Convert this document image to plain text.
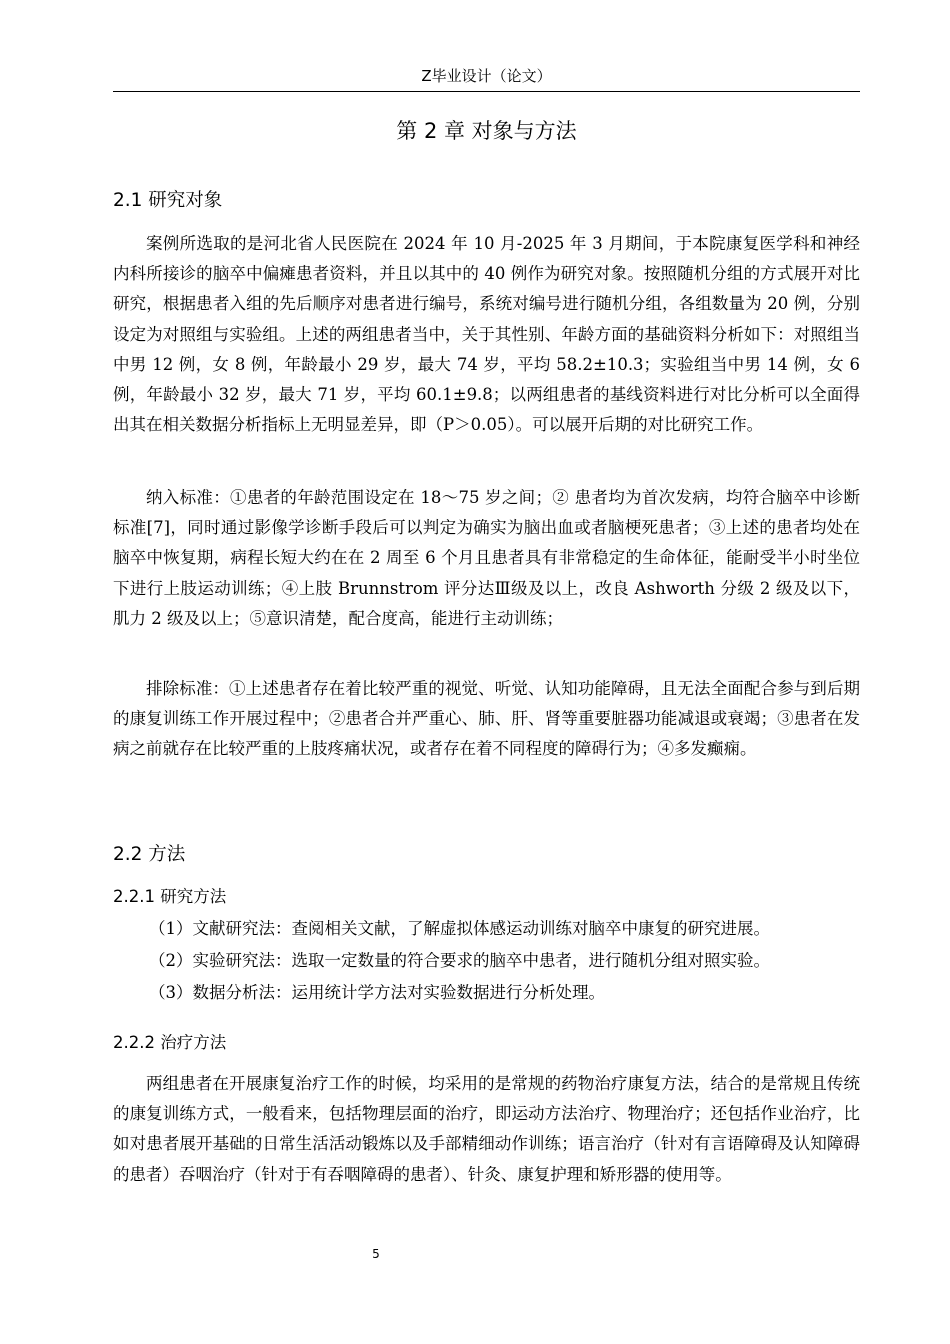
Z毕业设计（论文）
第 2 章 对象与方法
2.1 研究对象

案例所选取的是河北省人民医院在 2024 年 10 月-2025 年 3 月期间，于本院康复医学科和神经内科所接诊的脑卒中偏瘫患者资料，并且以其中的 40 例作为研究对象。按照随机分组的方式展开对比研究，根据患者入组的先后顺序对患者进行编号，系统对编号进行随机分组，各组数量为 20 例，分别设定为对照组与实验组。上述的两组患者当中，关于其性别、年龄方面的基础资料分析如下：对照组当中男 12 例，女 8 例，年龄最小 29 岁，最大 74 岁，平均 58.2±10.3；实验组当中男 14 例，女 6 例，年龄最小 32 岁，最大 71 岁，平均 60.1±9.8；以两组患者的基线资料进行对比分析可以全面得出其在相关数据分析指标上无明显差异，即（P＞0.05）。可以展开后期的对比研究工作。

纳入标准：①患者的年龄范围设定在 18～75 岁之间；② 患者均为首次发病，均符合脑卒中诊断标准[7]，同时通过影像学诊断手段后可以判定为确实为脑出血或者脑梗死患者；③上述的患者均处在脑卒中恢复期，病程长短大约在在 2 周至 6 个月且患者具有非常稳定的生命体征，能耐受半小时坐位下进行上肢运动训练；④上肢 Brunnstrom 评分达Ⅲ级及以上，改良 Ashworth 分级 2 级及以下，肌力 2 级及以上；⑤意识清楚，配合度高，能进行主动训练；

排除标准：①上述患者存在着比较严重的视觉、听觉、认知功能障碍，且无法全面配合参与到后期的康复训练工作开展过程中；②患者合并严重心、肺、肝、肾等重要脏器功能减退或衰竭；③患者在发病之前就存在比较严重的上肢疼痛状况，或者存在着不同程度的障碍行为；④多发癫痫。

2.2 方法
2.2.1 研究方法

（1）文献研究法：查阅相关文献，了解虚拟体感运动训练对脑卒中康复的研究进展。

（2）实验研究法：选取一定数量的符合要求的脑卒中患者，进行随机分组对照实验。

（3）数据分析法：运用统计学方法对实验数据进行分析处理。

2.2.2 治疗方法

两组患者在开展康复治疗工作的时候，均采用的是常规的药物治疗康复方法，结合的是常规且传统的康复训练方式，一般看来，包括物理层面的治疗，即运动方法治疗、物理治疗；还包括作业治疗，比如对患者展开基础的日常生活活动锻炼以及手部精细动作训练；语言治疗（针对有言语障碍及认知障碍的患者）吞咽治疗（针对于有吞咽障碍的患者）、针灸、康复护理和矫形器的使用等。

5
